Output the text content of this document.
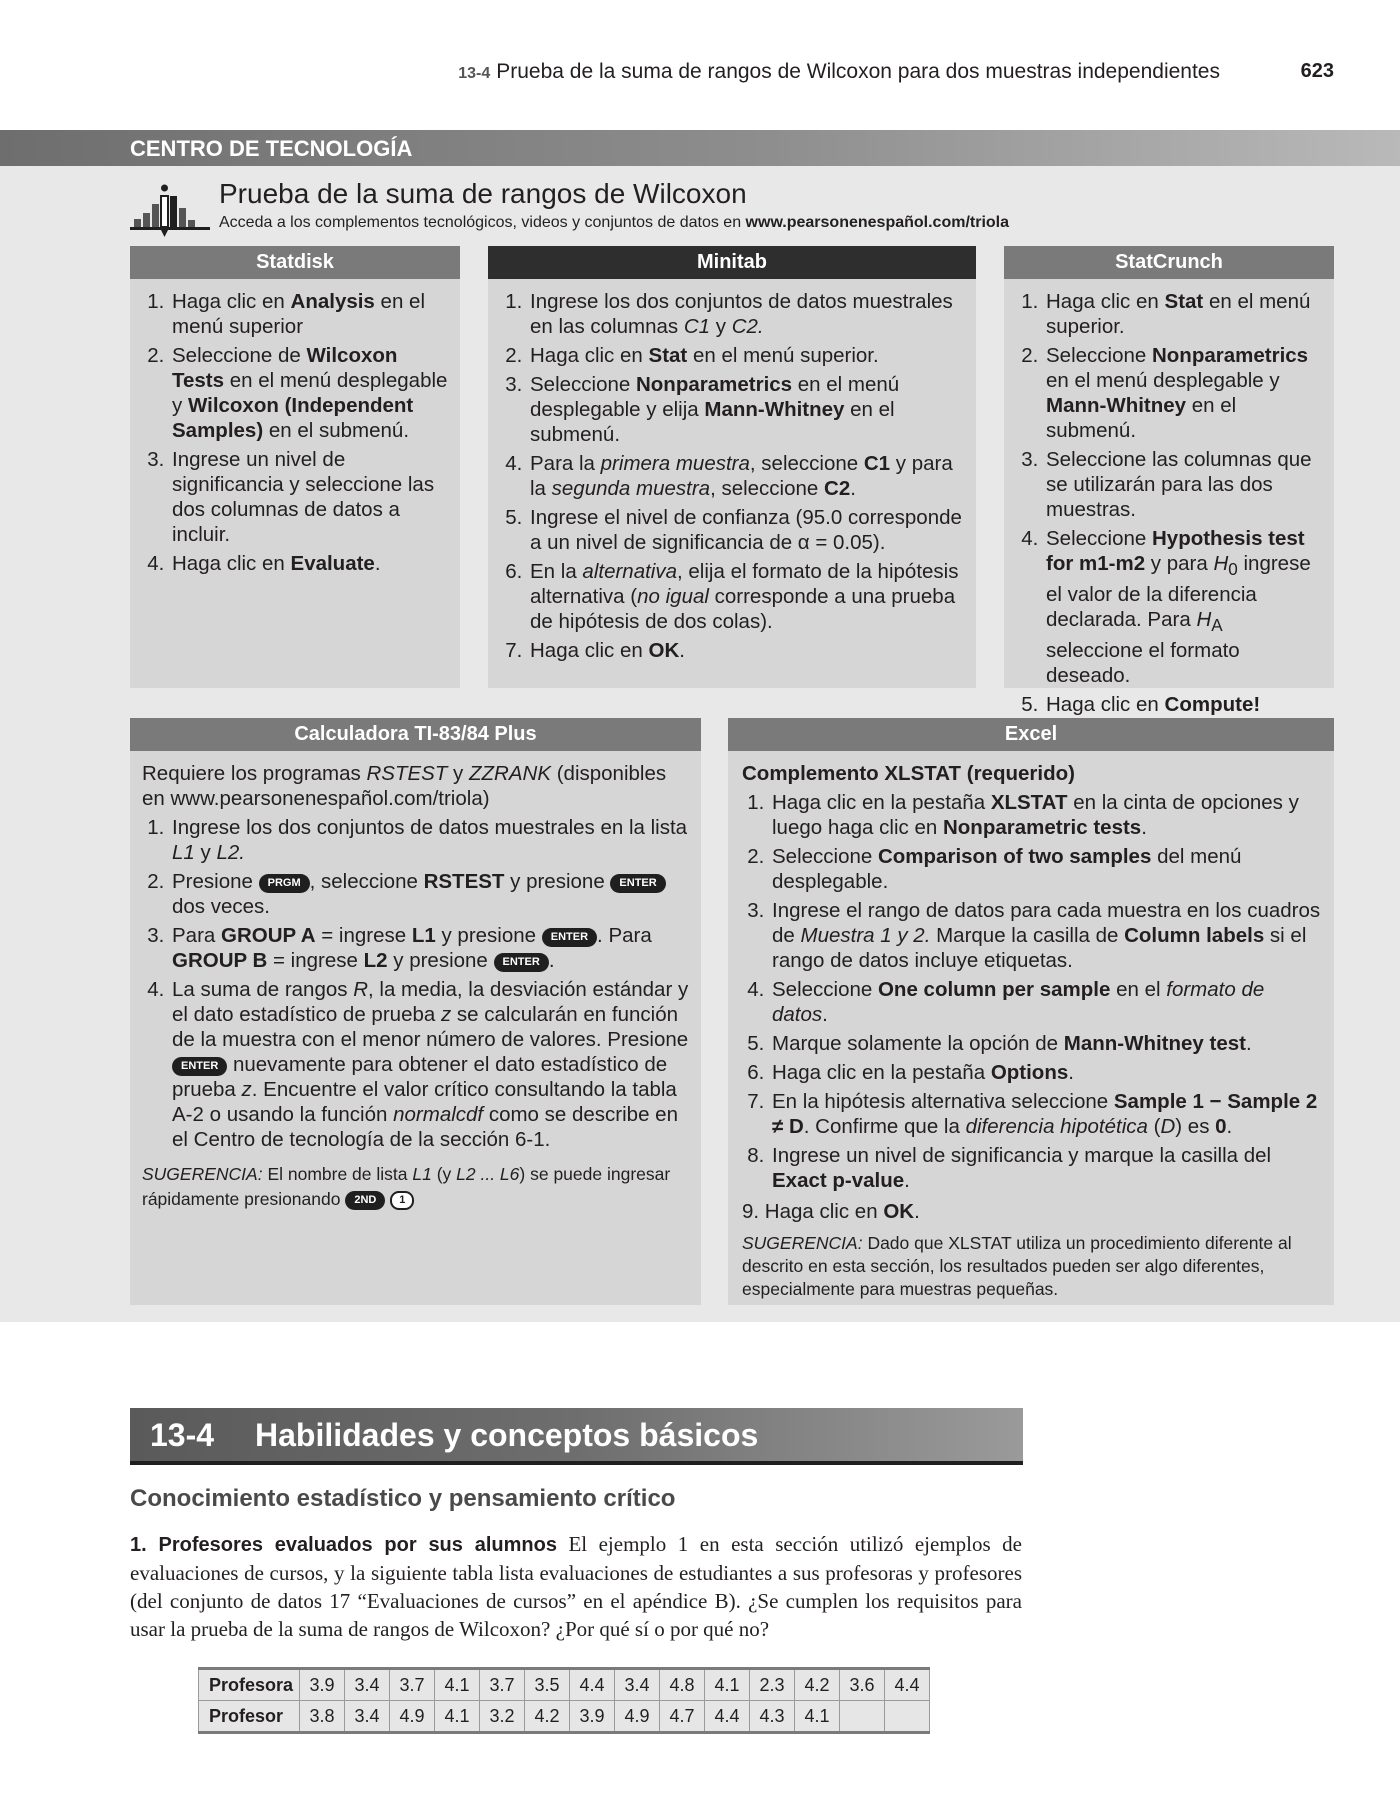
13-4 Prueba de la suma de rangos de Wilcoxon para dos muestras independientes	623
CENTRO DE TECNOLOGÍA
Prueba de la suma de rangos de Wilcoxon
Acceda a los complementos tecnológicos, videos y conjuntos de datos en www.pearsonenespañol.com/triola
Statdisk
1. Haga clic en Analysis en el menú superior
2. Seleccione de Wilcoxon Tests en el menú desplegable y Wilcoxon (Independent Samples) en el submenú.
3. Ingrese un nivel de significancia y seleccione las dos columnas de datos a incluir.
4. Haga clic en Evaluate.
Minitab
1. Ingrese los dos conjuntos de datos muestrales en las columnas C1 y C2.
2. Haga clic en Stat en el menú superior.
3. Seleccione Nonparametrics en el menú desplegable y elija Mann-Whitney en el submenú.
4. Para la primera muestra, seleccione C1 y para la segunda muestra, seleccione C2.
5. Ingrese el nivel de confianza (95.0 corresponde a un nivel de significancia de α = 0.05).
6. En la alternativa, elija el formato de la hipótesis alternativa (no igual corresponde a una prueba de hipótesis de dos colas).
7. Haga clic en OK.
StatCrunch
1. Haga clic en Stat en el menú superior.
2. Seleccione Nonparametrics en el menú desplegable y Mann-Whitney en el submenú.
3. Seleccione las columnas que se utilizarán para las dos muestras.
4. Seleccione Hypothesis test for m1-m2 y para $H_0$ ingrese el valor de la diferencia declarada. Para $H_A$ seleccione el formato deseado.
5. Haga clic en Compute!
Calculadora TI-83/84 Plus

Requiere los programas RSTEST y ZZRANK (disponibles en www.pearsonenespañol.com/triola)

1. Ingrese los dos conjuntos de datos muestrales en la lista L1 y L2.
2. Presione PRGM , seleccione RSTEST y presione ENTER dos veces.
3. Para GROUP A = ingrese L1 y presione ENTER . Para GROUP B = ingrese L2 y presione ENTER .
4. La suma de rangos R, la media, la desviación estándar y el dato estadístico de prueba z se calcularán en función de la muestra con el menor número de valores. Presione ENTER nuevamente para obtener el dato estadístico de prueba z. Encuentre el valor crítico consultando la tabla A-2 o usando la función normalcdf como se describe en el Centro de tecnología de la sección 6-1.

SUGERENCIA: El nombre de lista L1 (y L2 ... L6) se puede ingresar rápidamente presionando 2ND 1

Excel

Complemento XLSTAT (requerido)

1. Haga clic en la pestaña XLSTAT en la cinta de opciones y luego haga clic en Nonparametric tests.
2. Seleccione Comparison of two samples del menú desplegable.
3. Ingrese el rango de datos para cada muestra en los cuadros de Muestra 1 y 2. Marque la casilla de Column labels si el rango de datos incluye etiquetas.
4. Seleccione One column per sample en el formato de datos.
5. Marque solamente la opción de Mann-Whitney test.
6. Haga clic en la pestaña Options.
7. En la hipótesis alternativa seleccione Sample 1 − Sample 2 ≠ D. Confirme que la diferencia hipotética (D) es 0.
8. Ingrese un nivel de significancia y marque la casilla del Exact p-value.

9. Haga clic en OK.

SUGERENCIA: Dado que XLSTAT utiliza un procedimiento diferente al descrito en esta sección, los resultados pueden ser algo diferentes, especialmente para muestras pequeñas.

13-4 Habilidades y conceptos básicos
Conocimiento estadístico y pensamiento crítico
1. Profesores evaluados por sus alumnos El ejemplo 1 en esta sección utilizó ejemplos de evaluaciones de cursos, y la siguiente tabla lista evaluaciones de estudiantes a sus profesoras y profesores (del conjunto de datos 17 “Evaluaciones de cursos” en el apéndice B). ¿Se cumplen los requisitos para usar la prueba de la suma de rangos de Wilcoxon? ¿Por qué sí o por qué no?
Profesora	3.9	3.4	3.7	4.1	3.7	3.5	4.4	3.4	4.8	4.1	2.3	4.2	3.6	4.4
Profesor	3.8	3.4	4.9	4.1	3.2	4.2	3.9	4.9	4.7	4.4	4.3	4.1		
